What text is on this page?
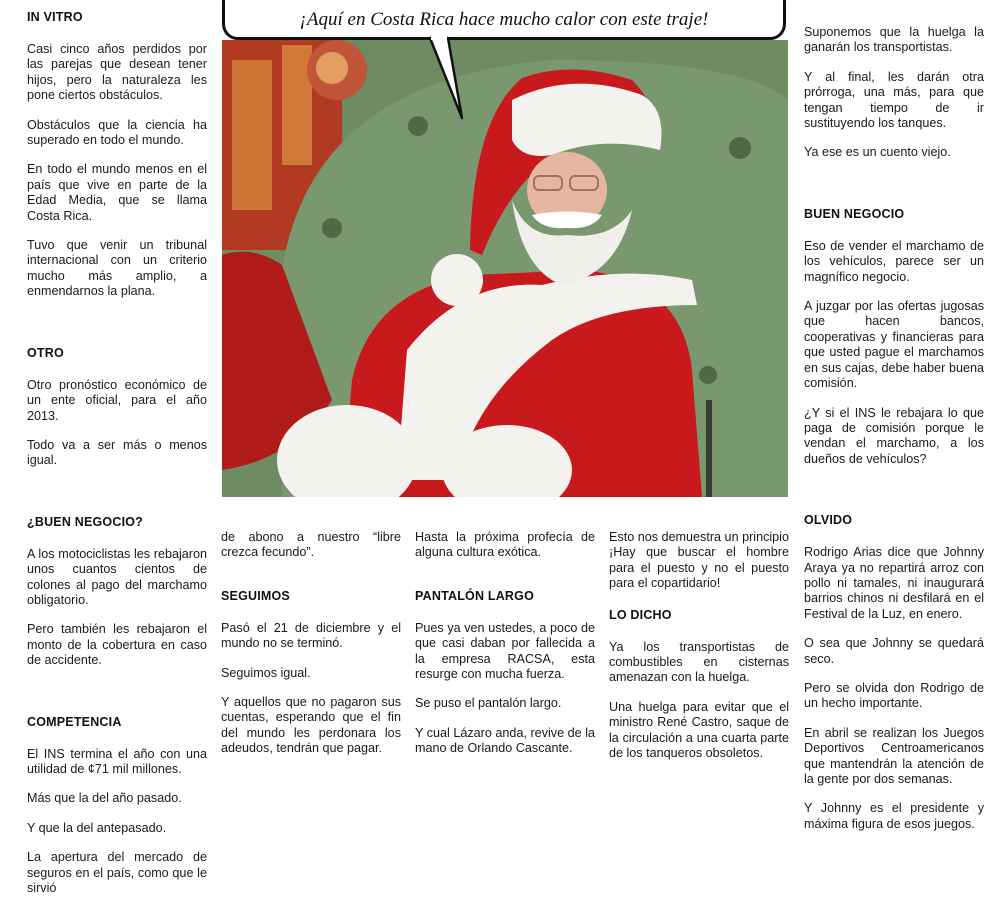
IN VITRO

Casi cinco años perdidos por las parejas que desean tener hijos, pero la naturaleza les pone ciertos obstáculos.

Obstáculos que la ciencia ha superado en todo el mundo.

En todo el mundo menos en el país que vive en parte de la Edad Media, que se llama Costa Rica.

Tuvo que venir un tribunal internacional con un criterio mucho más amplio, a enmendarnos la plana.

OTRO

Otro pronóstico económico de un ente oficial, para el año 2013.

Todo va a ser más o menos igual.

¿BUEN NEGOCIO?

A los motociclistas les rebajaron unos cuantos cientos de colones al pago del marchamo obligatorio.

Pero también les rebajaron el monto de la cobertura en caso de accidente.

COMPETENCIA

El INS termina el año con una utilidad de ¢71 mil millones.

Más que la del año pasado.

Y que la del antepasado.

La apertura del mercado de seguros en el país, como que le sirvió

¡Aquí en Costa Rica hace mucho calor con este traje!

de abono a nuestro “libre crezca fecundo”.

SEGUIMOS

Pasó el 21 de diciembre y el mundo no se terminó.

Seguimos igual.

Y aquellos que no pagaron sus cuentas, esperando que el fin del mundo les perdonara los adeudos, tendrán que pagar.

Hasta la próxima profecía de alguna cultura exótica.

PANTALÓN LARGO

Pues ya ven ustedes, a poco de que casi daban por fallecida a la empresa RACSA, esta resurge con mucha fuerza.

Se puso el pantalón largo.

Y cual Lázaro anda, revive de la mano de Orlando Cascante.

Esto nos demuestra un principio ¡Hay que buscar el hombre para el puesto y no el puesto para el copartidario!

LO DICHO

Ya los transportistas de combustibles en cisternas amenazan con la huelga.

Una huelga para evitar que el ministro René Castro, saque de la circulación a una cuarta parte de los tanqueros obsoletos.

Suponemos que la huelga la ganarán los transportistas.

Y al final, les darán otra prórroga, una más, para que tengan tiempo de ir sustituyendo los tanques.

Ya ese es un cuento viejo.

BUEN NEGOCIO

Eso de vender el marchamo de los vehículos, parece ser un magnífico negocio.

A juzgar por las ofertas jugosas que hacen bancos, cooperativas y financieras para que usted pague el marchamos en sus cajas, debe haber buena comisión.

¿Y si el INS le rebajara lo que paga de comisión porque le vendan el marchamo, a los dueños de vehículos?

OLVIDO

Rodrigo Arias dice que Johnny Araya ya no repartirá arroz con pollo ni tamales, ni inaugurará barrios chinos ni desfilará en el Festival de la Luz, en enero.

O sea que Johnny se quedará seco.

Pero se olvida don Rodrigo de un hecho importante.

En abril se realizan los Juegos Deportivos Centroamericanos que mantendrán la atención de la gente por dos semanas.

Y Johnny es el presidente y máxima figura de esos juegos.
